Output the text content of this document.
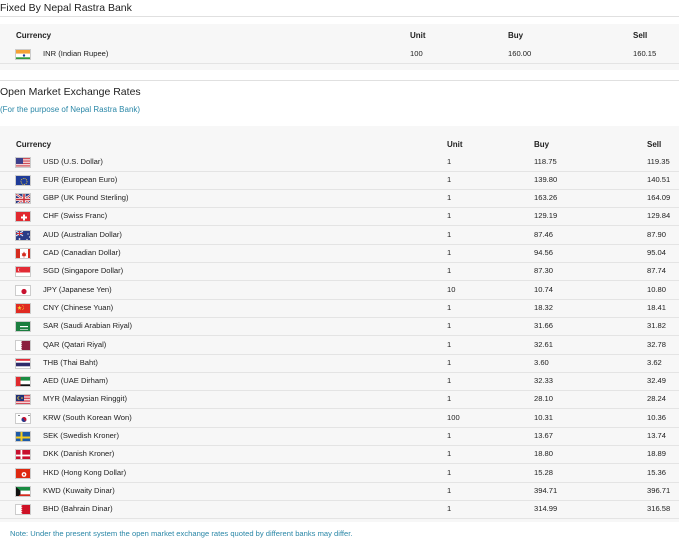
Fixed By Nepal Rastra Bank
Currency	Unit	Buy	Sell
INR (Indian Rupee)	100	160.00	160.15
Open Market Exchange Rates
(For the purpose of Nepal Rastra Bank)
Currency	Unit	Buy	Sell
USD (U.S. Dollar)	1	118.75	119.35
EUR (European Euro)	1	139.80	140.51
GBP (UK Pound Sterling)	1	163.26	164.09
CHF (Swiss Franc)	1	129.19	129.84
AUD (Australian Dollar)	1	87.46	87.90
CAD (Canadian Dollar)	1	94.56	95.04
SGD (Singapore Dollar)	1	87.30	87.74
JPY (Japanese Yen)	10	10.74	10.80
CNY (Chinese Yuan)	1	18.32	18.41
SAR (Saudi Arabian Riyal)	1	31.66	31.82
QAR (Qatari Riyal)	1	32.61	32.78
THB (Thai Baht)	1	3.60	3.62
AED (UAE Dirham)	1	32.33	32.49
MYR (Malaysian Ringgit)	1	28.10	28.24
KRW (South Korean Won)	100	10.31	10.36
SEK (Swedish Kroner)	1	13.67	13.74
DKK (Danish Kroner)	1	18.80	18.89
HKD (Hong Kong Dollar)	1	15.28	15.36
KWD (Kuwaity Dinar)	1	394.71	396.71
BHD (Bahrain Dinar)	1	314.99	316.58
Note: Under the present system the open market exchange rates quoted by different banks may differ.
